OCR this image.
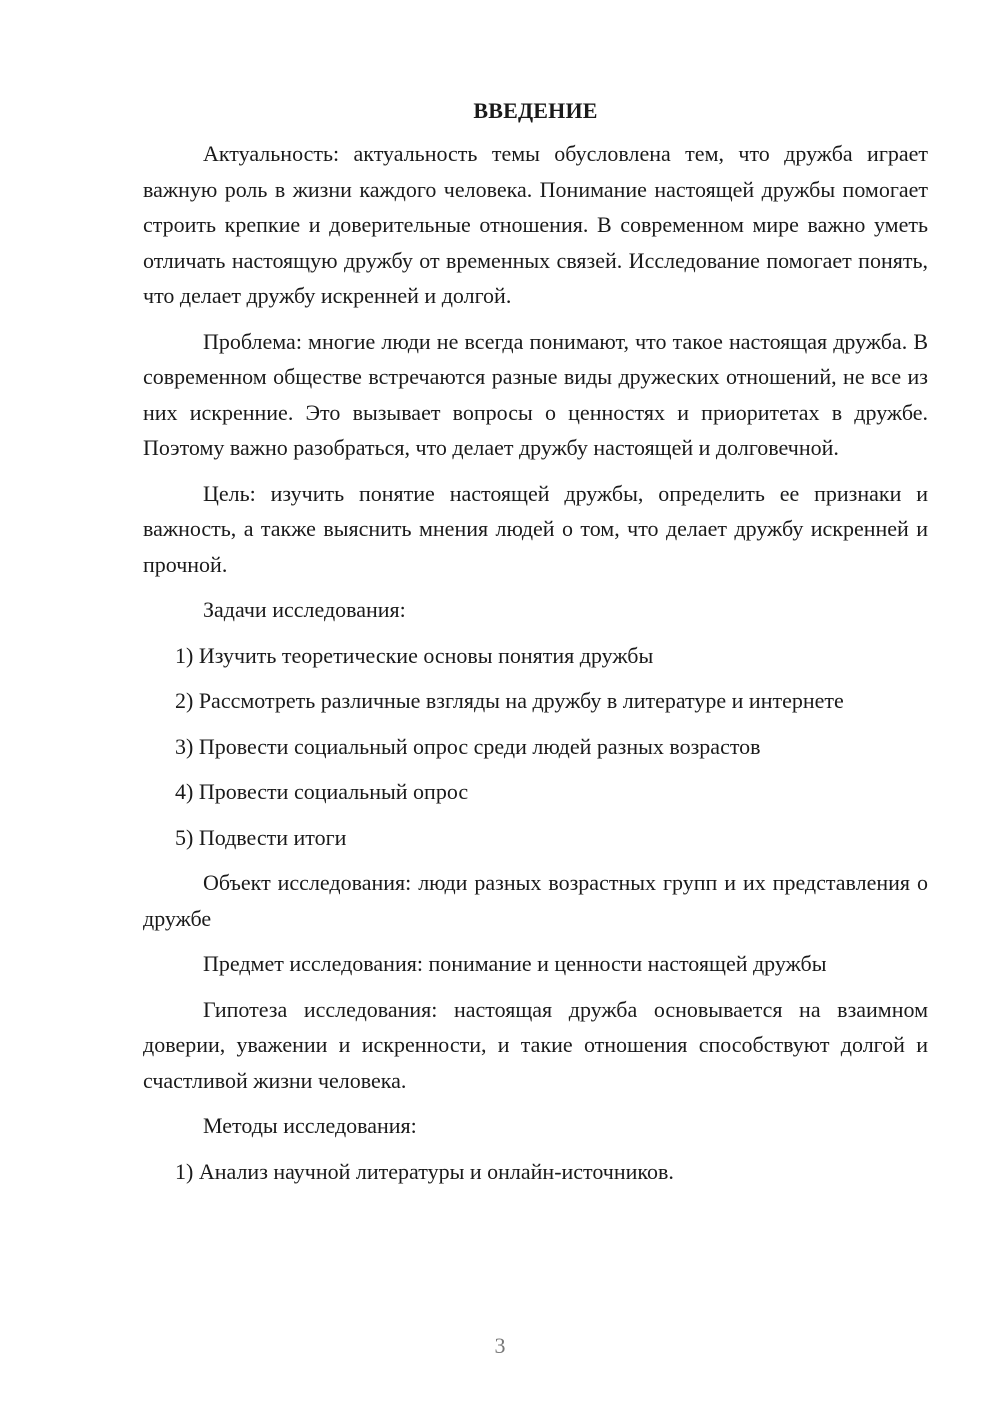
ВВЕДЕНИЕ

Актуальность: актуальность темы обусловлена тем, что дружба играет важную роль в жизни каждого человека. Понимание настоящей дружбы помогает строить крепкие и доверительные отношения. В современном мире важно уметь отличать настоящую дружбу от временных связей. Исследование помогает понять, что делает дружбу искренней и долгой.

Проблема: многие люди не всегда понимают, что такое настоящая дружба. В современном обществе встречаются разные виды дружеских отношений, не все из них искренние. Это вызывает вопросы о ценностях и приоритетах в дружбе. Поэтому важно разобраться, что делает дружбу настоящей и долговечной.

Цель: изучить понятие настоящей дружбы, определить ее признаки и важность, а также выяснить мнения людей о том, что делает дружбу искренней и прочной.

Задачи исследования:

1) Изучить теоретические основы понятия дружбы

2) Рассмотреть различные взгляды на дружбу в литературе и интернете

3) Провести социальный опрос среди людей разных возрастов

4) Провести социальный опрос

5) Подвести итоги

Объект исследования: люди разных возрастных групп и их представления о дружбе

Предмет исследования: понимание и ценности настоящей дружбы

Гипотеза исследования: настоящая дружба основывается на взаимном доверии, уважении и искренности, и такие отношения способствуют долгой и счастливой жизни человека.

Методы исследования:

1) Анализ научной литературы и онлайн-источников.

3
